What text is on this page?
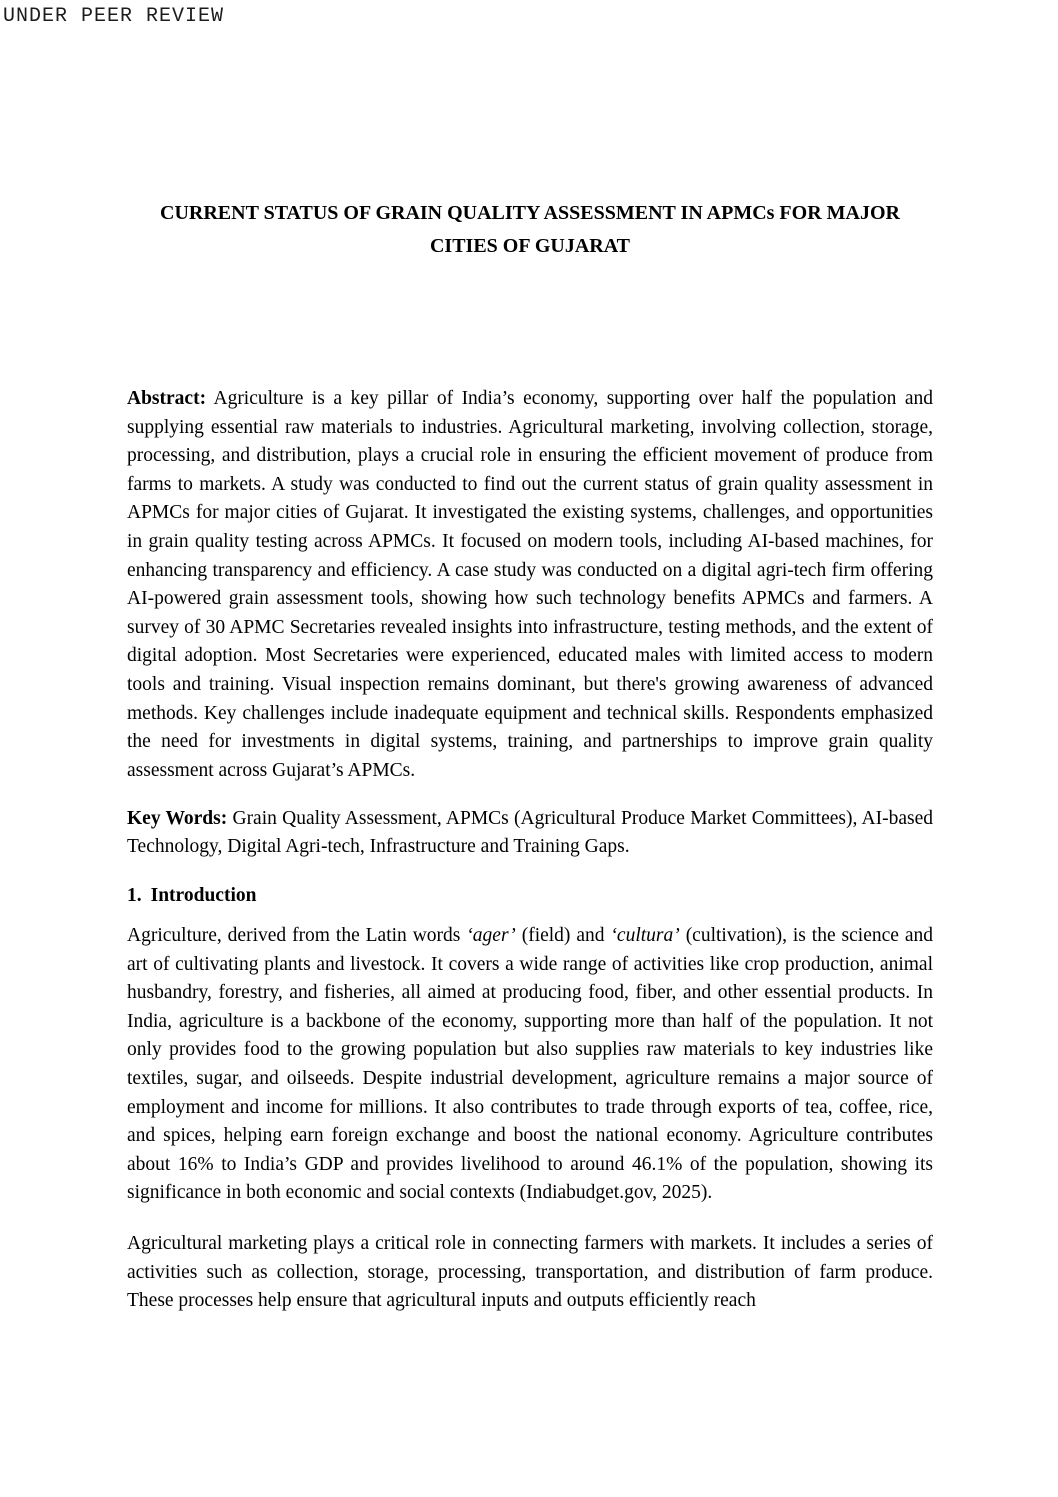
UNDER PEER REVIEW
CURRENT STATUS OF GRAIN QUALITY ASSESSMENT IN APMCs FOR MAJOR
CITIES OF GUJARAT

Abstract: Agriculture is a key pillar of India’s economy, supporting over half the population and supplying essential raw materials to industries. Agricultural marketing, involving collection, storage, processing, and distribution, plays a crucial role in ensuring the efficient movement of produce from farms to markets. A study was conducted to find out the current status of grain quality assessment in APMCs for major cities of Gujarat. It investigated the existing systems, challenges, and opportunities in grain quality testing across APMCs. It focused on modern tools, including AI-based machines, for enhancing transparency and efficiency. A case study was conducted on a digital agri-tech firm offering AI-powered grain assessment tools, showing how such technology benefits APMCs and farmers. A survey of 30 APMC Secretaries revealed insights into infrastructure, testing methods, and the extent of digital adoption. Most Secretaries were experienced, educated males with limited access to modern tools and training. Visual inspection remains dominant, but there's growing awareness of advanced methods. Key challenges include inadequate equipment and technical skills. Respondents emphasized the need for investments in digital systems, training, and partnerships to improve grain quality assessment across Gujarat’s APMCs.

Key Words: Grain Quality Assessment, APMCs (Agricultural Produce Market Committees), AI-based Technology, Digital Agri-tech, Infrastructure and Training Gaps.

1. Introduction

Agriculture, derived from the Latin words ‘ager’ (field) and ‘cultura’ (cultivation), is the science and art of cultivating plants and livestock. It covers a wide range of activities like crop production, animal husbandry, forestry, and fisheries, all aimed at producing food, fiber, and other essential products. In India, agriculture is a backbone of the economy, supporting more than half of the population. It not only provides food to the growing population but also supplies raw materials to key industries like textiles, sugar, and oilseeds. Despite industrial development, agriculture remains a major source of employment and income for millions. It also contributes to trade through exports of tea, coffee, rice, and spices, helping earn foreign exchange and boost the national economy. Agriculture contributes about 16% to India’s GDP and provides livelihood to around 46.1% of the population, showing its significance in both economic and social contexts (Indiabudget.gov, 2025).

Agricultural marketing plays a critical role in connecting farmers with markets. It includes a series of activities such as collection, storage, processing, transportation, and distribution of farm produce. These processes help ensure that agricultural inputs and outputs efficiently reach
